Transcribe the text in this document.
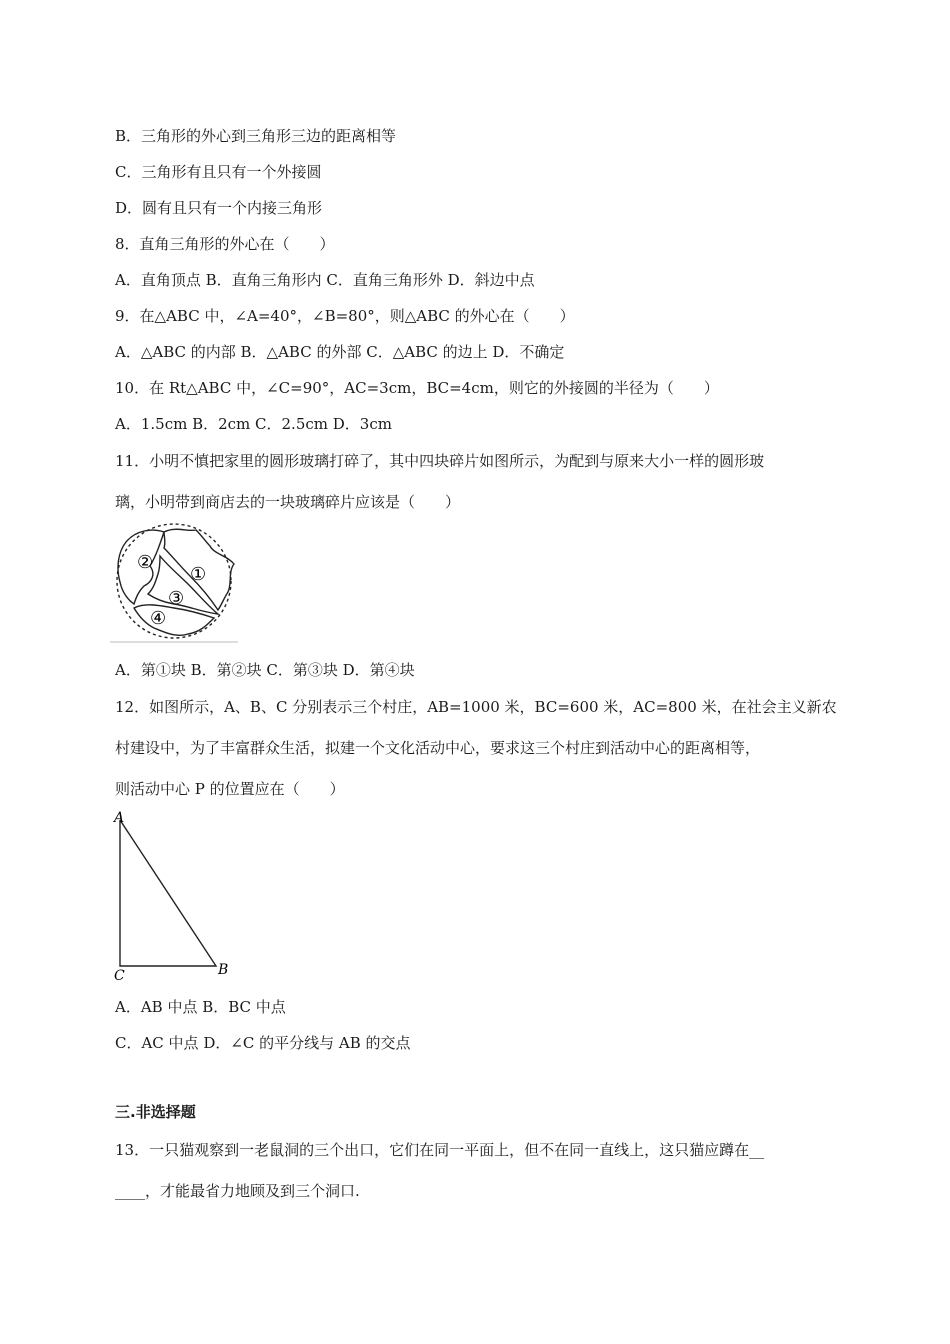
B．三角形的外心到三角形三边的距离相等
C．三角形有且只有一个外接圆
D．圆有且只有一个内接三角形
8．直角三角形的外心在（　　）
A．直角顶点 B．直角三角形内 C．直角三角形外 D．斜边中点
9．在△ABC 中，∠A=40°，∠B=80°，则△ABC 的外心在（　　）
A．△ABC 的内部 B．△ABC 的外部 C．△ABC 的边上 D．不确定
10．在 Rt△ABC 中，∠C=90°，AC=3cm，BC=4cm，则它的外接圆的半径为（　　）
A．1.5cm B．2cm C．2.5cm D．3cm
11．小明不慎把家里的圆形玻璃打碎了，其中四块碎片如图所示，为配到与原来大小一样的圆形玻
璃，小明带到商店去的一块玻璃碎片应该是（　　）
②
①
③
④
A．第①块 B．第②块 C．第③块 D．第④块
12．如图所示，A、B、C 分别表示三个村庄，AB=1000 米，BC=600 米，AC=800 米，在社会主义新农
村建设中，为了丰富群众生活，拟建一个文化活动中心，要求这三个村庄到活动中心的距离相等，
则活动中心 P 的位置应在（　　）
A
C	B
A．AB 中点 B．BC 中点
C．AC 中点 D．∠C 的平分线与 AB 的交点
三.非选择题
13．一只猫观察到一老鼠洞的三个出口，它们在同一平面上，但不在同一直线上，这只猫应蹲在__
____，才能最省力地顾及到三个洞口.
